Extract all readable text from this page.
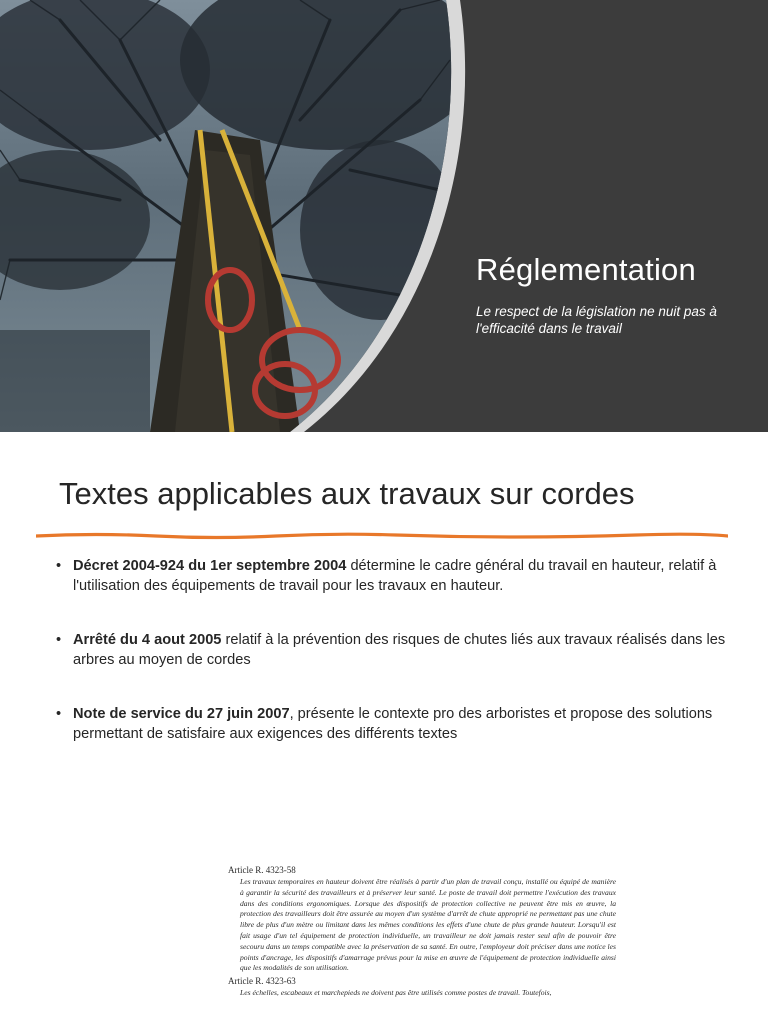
Réglementation

Le respect de la législation ne nuit pas à l'efficacité dans le travail

Textes applicables aux travaux sur cordes
• Décret 2004-924 du 1er septembre 2004 détermine le cadre général du travail en hauteur, relatif à l'utilisation des équipements de travail pour les travaux en hauteur.
• Arrêté du 4 aout 2005 relatif à la prévention des risques de chutes liés aux travaux réalisés dans les arbres au moyen de cordes
• Note de service du 27 juin 2007, présente le contexte pro des arboristes et propose des solutions permettant de satisfaire aux exigences des différents textes

Article R. 4323-58

Les travaux temporaires en hauteur doivent être réalisés à partir d'un plan de travail conçu, installé ou équipé de manière à garantir la sécurité des travailleurs et à préserver leur santé. Le poste de travail doit permettre l'exécution des travaux dans des conditions ergonomiques. Lorsque des dispositifs de protection collective ne peuvent être mis en œuvre, la protection des travailleurs doit être assurée au moyen d'un système d'arrêt de chute approprié ne permettant pas une chute libre de plus d'un mètre ou limitant dans les mêmes conditions les effets d'une chute de plus grande hauteur. Lorsqu'il est fait usage d'un tel équipement de protection individuelle, un travailleur ne doit jamais rester seul afin de pouvoir être secouru dans un temps compatible avec la préservation de sa santé. En outre, l'employeur doit préciser dans une notice les points d'ancrage, les dispositifs d'amarrage prévus pour la mise en œuvre de l'équipement de protection individuelle ainsi que les modalités de son utilisation.

Article R. 4323-63

Les échelles, escabeaux et marchepieds ne doivent pas être utilisés comme postes de travail. Toutefois,
